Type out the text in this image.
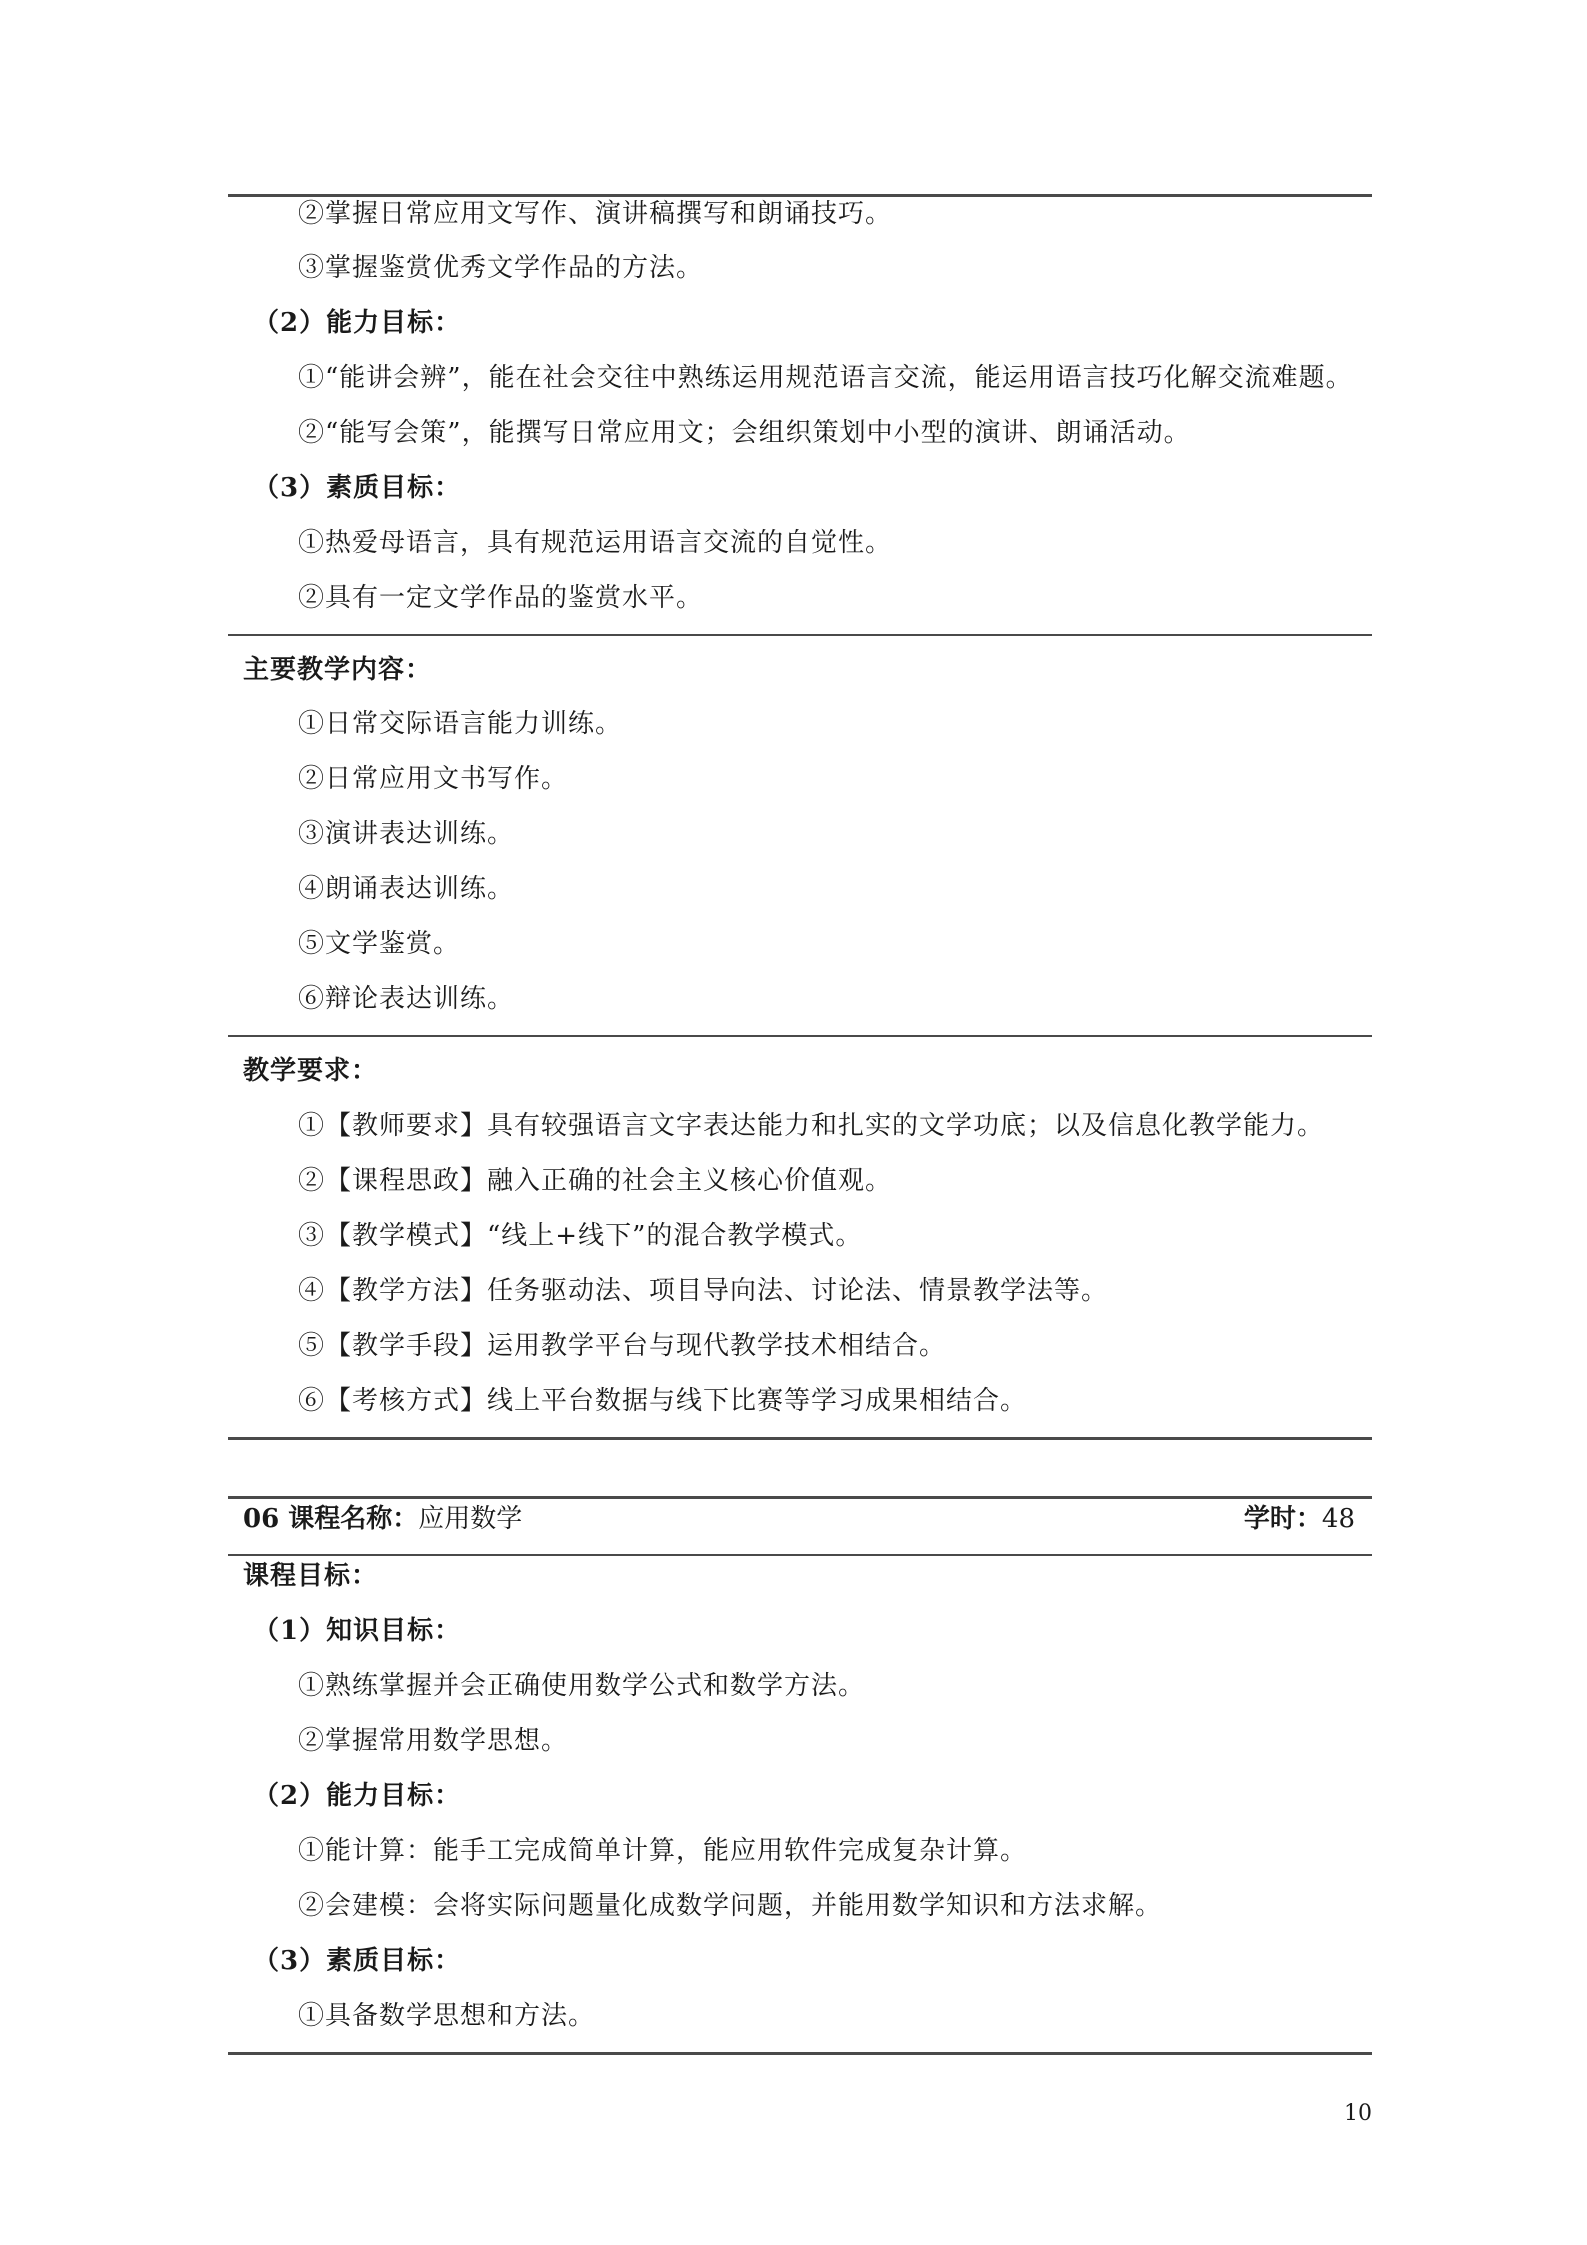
②掌握日常应用文写作、演讲稿撰写和朗诵技巧。
③掌握鉴赏优秀文学作品的方法。
（2）能力目标：
①“能讲会辨”，能在社会交往中熟练运用规范语言交流，能运用语言技巧化解交流难题。
②“能写会策”，能撰写日常应用文；会组织策划中小型的演讲、朗诵活动。
（3）素质目标：
①热爱母语言，具有规范运用语言交流的自觉性。
②具有一定文学作品的鉴赏水平。
主要教学内容：
①日常交际语言能力训练。
②日常应用文书写作。
③演讲表达训练。
④朗诵表达训练。
⑤文学鉴赏。
⑥辩论表达训练。
教学要求：
①【教师要求】具有较强语言文字表达能力和扎实的文学功底；以及信息化教学能力。
②【课程思政】融入正确的社会主义核心价值观。
③【教学模式】“线上+线下”的混合教学模式。
④【教学方法】任务驱动法、项目导向法、讨论法、情景教学法等。
⑤【教学手段】运用教学平台与现代教学技术相结合。
⑥【考核方式】线上平台数据与线下比赛等学习成果相结合。
06 课程名称：应用数学	学时：48
课程目标：
（1）知识目标：
①熟练掌握并会正确使用数学公式和数学方法。
②掌握常用数学思想。
（2）能力目标：
①能计算：能手工完成简单计算，能应用软件完成复杂计算。
②会建模：会将实际问题量化成数学问题，并能用数学知识和方法求解。
（3）素质目标：
①具备数学思想和方法。
10
